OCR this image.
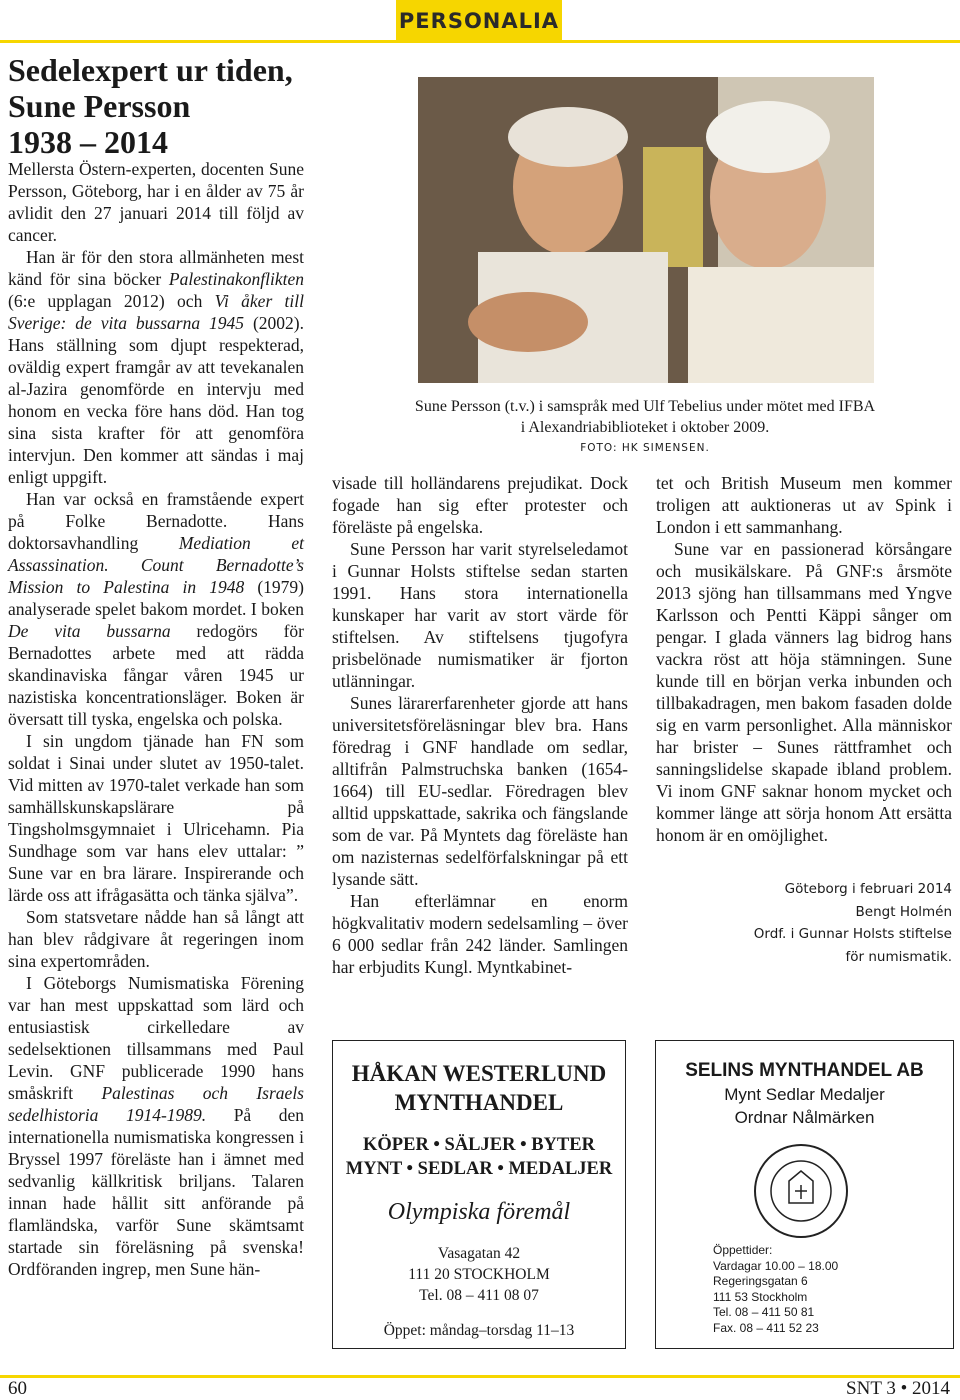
PERSONALIA
Sedelexpert ur tiden,
Sune Persson
1938 – 2014

Mellersta Östern-experten, docenten Sune Persson, Göteborg, har i en ålder av 75 år avlidit den 27 januari 2014 till följd av cancer.

Han är för den stora allmänheten mest känd för sina böcker Palestinakonflikten (6:e upplagan 2012) och Vi åker till Sverige: de vita bussarna 1945 (2002). Hans ställning som djupt respekterad, oväldig expert framgår av att tevekanalen al-Jazira genomförde en intervju med honom en vecka före hans död. Han tog sina sista krafter för att genomföra intervjun. Den kommer att sändas i maj enligt uppgift.

Han var också en framstående expert på Folke Bernadotte. Hans doktorsavhandling Mediation et Assassination. Count Bernadotte’s Mission to Palestina in 1948 (1979) analyserade spelet bakom mordet. I boken De vita bussarna redogörs för Bernadottes arbete med att rädda skandinaviska fångar våren 1945 ur nazistiska koncentrationsläger. Boken är översatt till tyska, engelska och polska.

I sin ungdom tjänade han FN som soldat i Sinai under slutet av 1950-talet. Vid mitten av 1970-talet verkade han som samhällskunskapslärare på Tingsholmsgymnaiet i Ulricehamn. Pia Sundhage som var hans elev uttalar: ” Sune var en bra lärare. Inspirerande och lärde oss att ifrågasätta och tänka själva”.

Som statsvetare nådde han så långt att han blev rådgivare åt regeringen inom sina expertområden.

I Göteborgs Numismatiska Förening var han mest uppskattad som lärd och entusiastisk cirkelledare av sedelsektionen tillsammans med Paul Levin. GNF publicerade 1990 hans småskrift Palestinas och Israels sedelhistoria 1914-1989. På den internationella numismatiska kongressen i Bryssel 1997 föreläste han i ämnet med sedvanlig källkritisk briljans. Talaren innan hade hållit sitt anförande på flamländska, varför Sune skämtsamt startade sin föreläsning på svenska! Ordföranden ingrep, men Sune hän-

Sune Persson (t.v.) i samspråk med Ulf Tebelius under mötet med IFBA
i Alexandriabiblioteket i oktober 2009.
FOTO: HK SIMENSEN.

visade till holländarens prejudikat. Dock fogade han sig efter protester och föreläste på engelska.

Sune Persson har varit styrelseledamot i Gunnar Holsts stiftelse sedan starten 1991. Hans stora internationella kunskaper har varit av stort värde för stiftelsen. Av stiftelsens tjugofyra prisbelönade numismatiker är fjorton utlänningar.

Sunes lärarerfarenheter gjorde att hans universitetsföreläsningar blev bra. Hans föredrag i GNF handlade om sedlar, alltifrån Palmstruchska banken (1654-1664) till EU-sedlar. Föredragen blev alltid uppskattade, sakrika och fängslande som de var. På Myntets dag föreläste han om nazisternas sedelförfalskningar på ett lysande sätt.

Han efterlämnar en enorm högkvalitativ modern sedelsamling – över 6 000 sedlar från 242 länder. Samlingen har erbjudits Kungl. Myntkabinet-

tet och British Museum men kommer troligen att auktioneras ut av Spink i London i ett sammanhang.

Sune var en passionerad körsångare och musikälskare. På GNF:s årsmöte 2013 sjöng han tillsammans med Yngve Karlsson och Pentti Käppi sånger om pengar. I glada vänners lag bidrog hans vackra röst att höja stämningen. Sune kunde till en början verka inbunden och tillbakadragen, men bakom fasaden dolde sig en varm personlighet. Alla människor har brister – Sunes rättframhet och sanningslidelse skapade ibland problem. Vi inom GNF saknar honom mycket och kommer länge att sörja honom Att ersätta honom är en omöjlighet.

Göteborg i februari 2014
Bengt Holmén
Ordf. i Gunnar Holsts stiftelse
för numismatik.
HÅKAN WESTERLUND
MYNTHANDEL
KÖPER • SÄLJER • BYTER
MYNT • SEDLAR • MEDALJER
Olympiska föremål
Vasagatan 42
111 20 STOCKHOLM
Tel. 08 – 411 08 07
Öppet: måndag–torsdag 11–13
SELINS MYNTHANDEL AB
Mynt Sedlar Medaljer
Ordnar Nålmärken
Öppettider:
Vardagar 10.00 – 18.00
Regeringsgatan 6
111 53 Stockholm
Tel. 08 – 411 50 81
Fax. 08 – 411 52 23
60	SNT 3 • 2014
